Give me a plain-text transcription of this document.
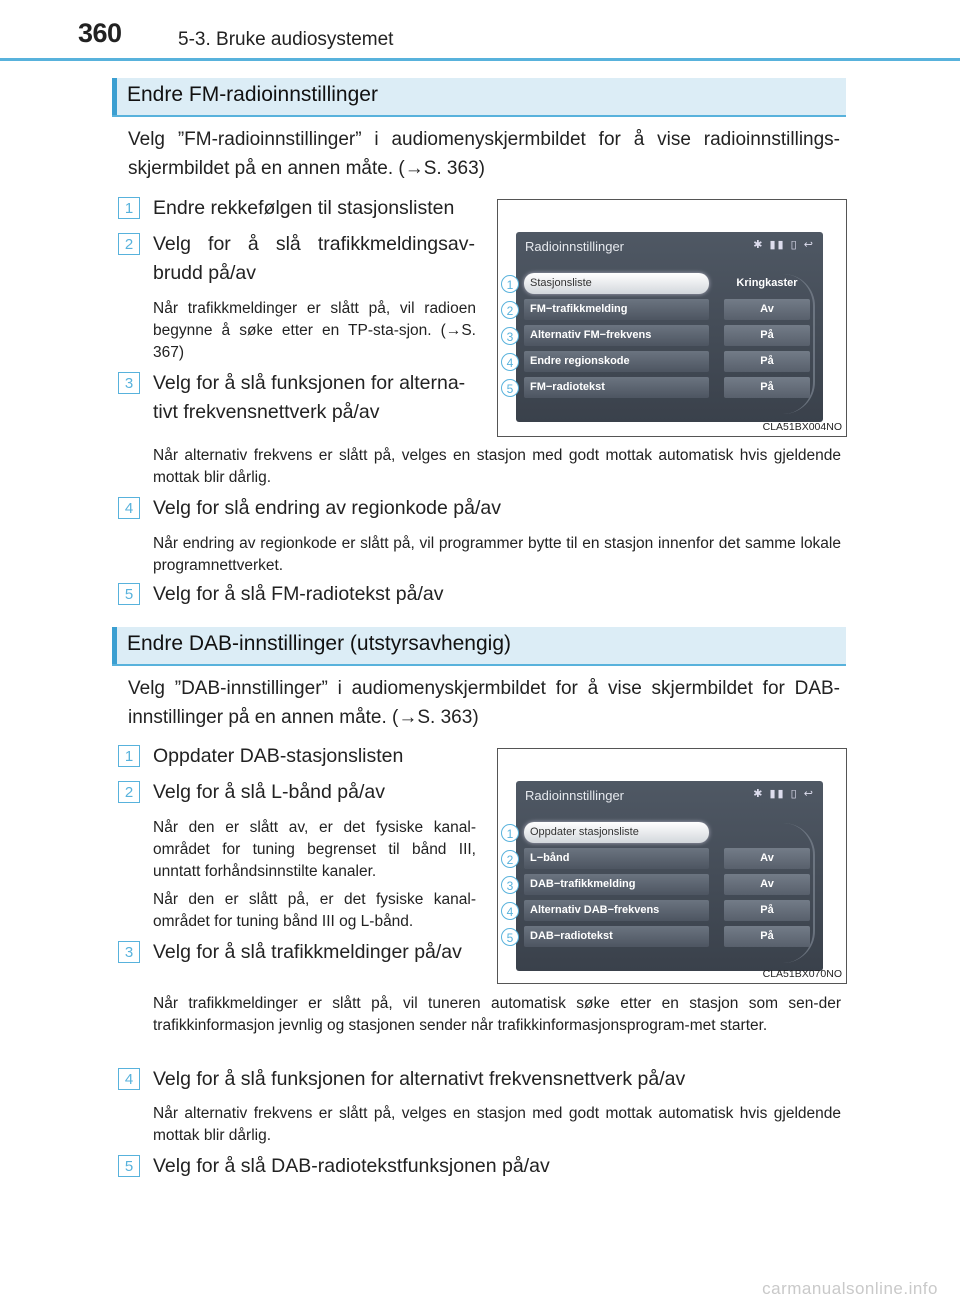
360	5-3. Bruke audiosystemet
Endre FM-radioinnstillinger
Velg ”FM-radioinnstillinger” i audiomenyskjermbildet for å vise radioinnstillings-skjermbildet på en annen måte. (→S. 363)
1	Endre rekkefølgen til stasjonslisten
2	Velg for å slå trafikkmeldingsav-brudd på/av
Når trafikkmeldinger er slått på, vil radioen begynne å søke etter en TP-sta-sjon. (→S. 367)
3	Velg for å slå funksjonen for alterna-tivt frekvensnettverk på/av
Når alternativ frekvens er slått på, velges en stasjon med godt mottak automatisk hvis gjeldende mottak blir dårlig.
4	Velg for slå endring av regionkode på/av
Når endring av regionkode er slått på, vil programmer bytte til en stasjon innenfor det samme lokale programnettverket.
5	Velg for å slå FM-radiotekst på/av
Radioinnstillinger	✱ ▮▮ ▯ ↩
Stasjonsliste	Kringkaster
FM−trafikkmelding	Av
Alternativ FM−frekvens	På
Endre regionskode	På
FM−radiotekst	På
1
2
3
4
5
CLA51BX004NO
Endre DAB-innstillinger (utstyrsavhengig)
Velg ”DAB-innstillinger” i audiomenyskjermbildet for å vise skjermbildet for DAB-innstillinger på en annen måte. (→S. 363)
1	Oppdater DAB-stasjonslisten
2	Velg for å slå L-bånd på/av
Når den er slått av, er det fysiske kanal-området for tuning begrenset til bånd III, unntatt forhåndsinnstilte kanaler.
Når den er slått på, er det fysiske kanal-området for tuning bånd III og L-bånd.
3	Velg for å slå trafikkmeldinger på/av
Når trafikkmeldinger er slått på, vil tuneren automatisk søke etter en stasjon som sen-der trafikkinformasjon jevnlig og stasjonen sender når trafikkinformasjonsprogram-met starter.
4	Velg for å slå funksjonen for alternativt frekvensnettverk på/av
Når alternativ frekvens er slått på, velges en stasjon med godt mottak automatisk hvis gjeldende mottak blir dårlig.
5	Velg for å slå DAB-radiotekstfunksjonen på/av
Radioinnstillinger	✱ ▮▮ ▯ ↩
Oppdater stasjonsliste
L−bånd	Av
DAB−trafikkmelding	Av
Alternativ DAB−frekvens	På
DAB−radiotekst	På
1
2
3
4
5
CLA51BX070NO
carmanualsonline.info
